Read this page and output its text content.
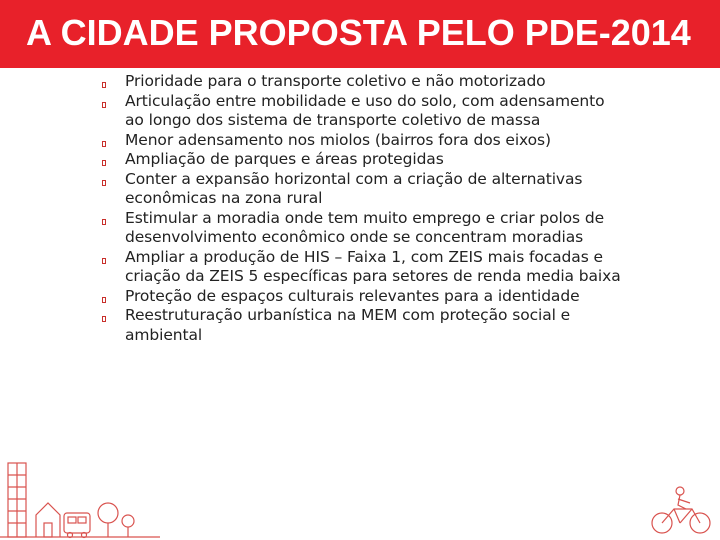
A CIDADE PROPOSTA PELO PDE-2014
Prioridade para o transporte coletivo e não motorizado
Articulação entre mobilidade e uso do solo, com adensamento ao longo dos sistema de transporte coletivo de massa
Menor adensamento nos miolos (bairros fora dos eixos)
Ampliação de parques e áreas protegidas
Conter a expansão horizontal com a criação de alternativas econômicas na zona rural
Estimular a moradia onde tem muito emprego e criar polos de desenvolvimento econômico onde se concentram moradias
Ampliar a produção de HIS – Faixa 1, com ZEIS mais focadas e criação da ZEIS 5 específicas para setores de renda media baixa
Proteção de espaços culturais relevantes para a identidade
Reestruturação urbanística na MEM com proteção social e ambiental
